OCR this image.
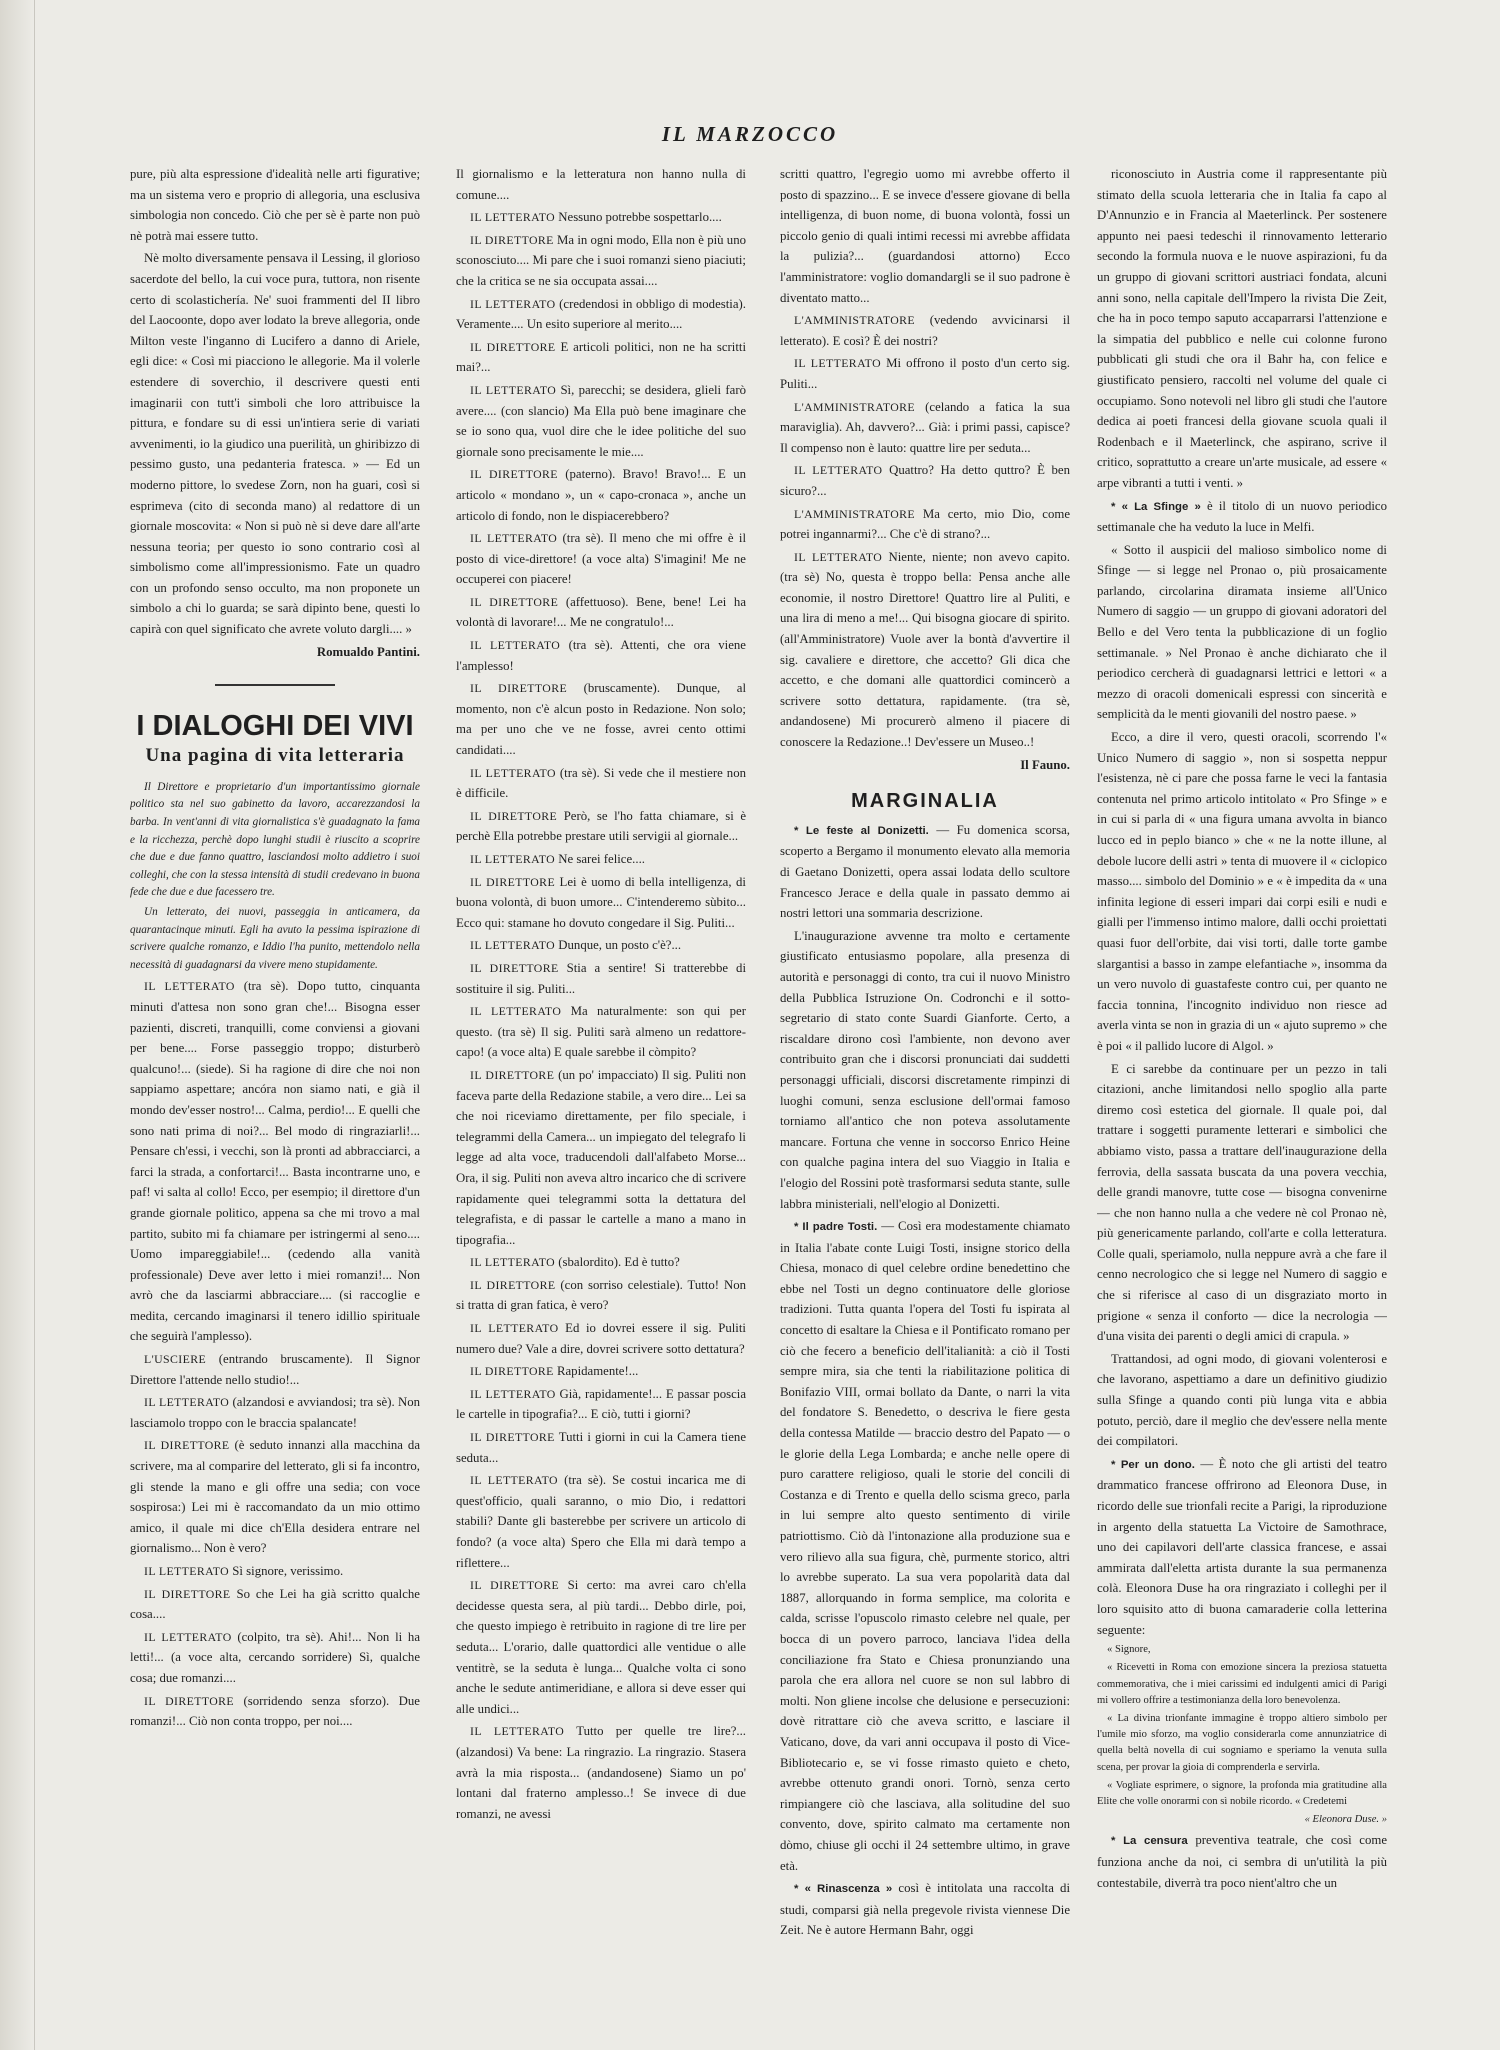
IL MARZOCCO

pure, più alta espressione d'idealità nelle arti figurative; ma un sistema vero e proprio di allegoria, una esclusiva simbologia non concedo. Ciò che per sè è parte non può nè potrà mai essere tutto.

Nè molto diversamente pensava il Lessing, il glorioso sacerdote del bello, la cui voce pura, tuttora, non risente certo di scolastichería. Ne' suoi frammenti del II libro del Laocoonte, dopo aver lodato la breve allegoria, onde Milton veste l'inganno di Lucifero a danno di Ariele, egli dice: « Così mi piacciono le allegorie. Ma il volerle estendere di soverchio, il descrivere questi enti imaginarii con tutt'i simboli che loro attribuisce la pittura, e fondare su di essi un'intiera serie di variati avvenimenti, io la giudico una puerilità, un ghiribizzo di pessimo gusto, una pedanteria fratesca. » — Ed un moderno pittore, lo svedese Zorn, non ha guari, così si esprimeva (cito di seconda mano) al redattore di un giornale moscovita: « Non si può nè si deve dare all'arte nessuna teoria; per questo io sono contrario così al simbolismo come all'impressionismo. Fate un quadro con un profondo senso occulto, ma non proponete un simbolo a chi lo guarda; se sarà dipinto bene, questi lo capirà con quel significato che avrete voluto dargli.... »

Romualdo Pantini.

I DIALOGHI DEI VIVI
Una pagina di vita letteraria

Il Direttore e proprietario d'un importantissimo giornale politico sta nel suo gabinetto da lavoro, accarezzandosi la barba. In vent'anni di vita giornalistica s'è guadagnato la fama e la ricchezza, perchè dopo lunghi studii è riuscito a scoprire che due e due fanno quattro, lasciandosi molto addietro i suoi colleghi, che con la stessa intensità di studii credevano in buona fede che due e due facessero tre.

Un letterato, dei nuovi, passeggia in anticamera, da quarantacinque minuti. Egli ha avuto la pessima ispirazione di scrivere qualche romanzo, e Iddio l'ha punito, mettendolo nella necessità di guadagnarsi da vivere meno stupidamente.

IL LETTERATO (tra sè). Dopo tutto, cinquanta minuti d'attesa non sono gran che!... Bisogna esser pazienti, discreti, tranquilli, come conviensi a giovani per bene.... Forse passeggio troppo; disturberò qualcuno!... (siede). Si ha ragione di dire che noi non sappiamo aspettare; ancóra non siamo nati, e già il mondo dev'esser nostro!... Calma, perdio!... E quelli che sono nati prima di noi?... Bel modo di ringraziarli!... Pensare ch'essi, i vecchi, son là pronti ad abbracciarci, a farci la strada, a confortarci!... Basta incontrarne uno, e paf! vi salta al collo! Ecco, per esempio; il direttore d'un grande giornale politico, appena sa che mi trovo a mal partito, subito mi fa chiamare per istringermi al seno.... Uomo impareggiabile!... (cedendo alla vanità professionale) Deve aver letto i miei romanzi!... Non avrò che da lasciarmi abbracciare.... (si raccoglie e medita, cercando imaginarsi il tenero idillio spirituale che seguirà l'amplesso).

L'USCIERE (entrando bruscamente). Il Signor Direttore l'attende nello studio!...

IL LETTERATO (alzandosi e avviandosi; tra sè). Non lasciamolo troppo con le braccia spalancate!

IL DIRETTORE (è seduto innanzi alla macchina da scrivere, ma al comparire del letterato, gli si fa incontro, gli stende la mano e gli offre una sedia; con voce sospirosa:) Lei mi è raccomandato da un mio ottimo amico, il quale mi dice ch'Ella desidera entrare nel giornalismo... Non è vero?

IL LETTERATO Sì signore, verissimo.

IL DIRETTORE So che Lei ha già scritto qualche cosa....

IL LETTERATO (colpito, tra sè). Ahi!... Non li ha letti!... (a voce alta, cercando sorridere) Sì, qualche cosa; due romanzi....

IL DIRETTORE (sorridendo senza sforzo). Due romanzi!... Ciò non conta troppo, per noi....

Il giornalismo e la letteratura non hanno nulla di comune....

IL LETTERATO Nessuno potrebbe sospettarlo....

IL DIRETTORE Ma in ogni modo, Ella non è più uno sconosciuto.... Mi pare che i suoi romanzi sieno piaciuti; che la critica se ne sia occupata assai....

IL LETTERATO (credendosi in obbligo di modestia). Veramente.... Un esito superiore al merito....

IL DIRETTORE E articoli politici, non ne ha scritti mai?...

IL LETTERATO Sì, parecchi; se desidera, glieli farò avere.... (con slancio) Ma Ella può bene imaginare che se io sono qua, vuol dire che le idee politiche del suo giornale sono precisamente le mie....

IL DIRETTORE (paterno). Bravo! Bravo!... E un articolo « mondano », un « capo-cronaca », anche un articolo di fondo, non le dispiacerebbero?

IL LETTERATO (tra sè). Il meno che mi offre è il posto di vice-direttore! (a voce alta) S'imagini! Me ne occuperei con piacere!

IL DIRETTORE (affettuoso). Bene, bene! Lei ha volontà di lavorare!... Me ne congratulo!...

IL LETTERATO (tra sè). Attenti, che ora viene l'amplesso!

IL DIRETTORE (bruscamente). Dunque, al momento, non c'è alcun posto in Redazione. Non solo; ma per uno che ve ne fosse, avrei cento ottimi candidati....

IL LETTERATO (tra sè). Si vede che il mestiere non è difficile.

IL DIRETTORE Però, se l'ho fatta chiamare, si è perchè Ella potrebbe prestare utili servigii al giornale...

IL LETTERATO Ne sarei felice....

IL DIRETTORE Lei è uomo di bella intelligenza, di buona volontà, di buon umore... C'intenderemo sùbito... Ecco qui: stamane ho dovuto congedare il Sig. Puliti...

IL LETTERATO Dunque, un posto c'è?...

IL DIRETTORE Stia a sentire! Si tratterebbe di sostituire il sig. Puliti...

IL LETTERATO Ma naturalmente: son qui per questo. (tra sè) Il sig. Puliti sarà almeno un redattore-capo! (a voce alta) E quale sarebbe il còmpito?

IL DIRETTORE (un po' impacciato) Il sig. Puliti non faceva parte della Redazione stabile, a vero dire... Lei sa che noi riceviamo direttamente, per filo speciale, i telegrammi della Camera... un impiegato del telegrafo li legge ad alta voce, traducendoli dall'alfabeto Morse... Ora, il sig. Puliti non aveva altro incarico che di scrivere rapidamente quei telegrammi sotta la dettatura del telegrafista, e di passar le cartelle a mano a mano in tipografia...

IL LETTERATO (sbalordito). Ed è tutto?

IL DIRETTORE (con sorriso celestiale). Tutto! Non si tratta di gran fatica, è vero?

IL LETTERATO Ed io dovrei essere il sig. Puliti numero due? Vale a dire, dovrei scrivere sotto dettatura?

IL DIRETTORE Rapidamente!...

IL LETTERATO Già, rapidamente!... E passar poscia le cartelle in tipografia?... E ciò, tutti i giorni?

IL DIRETTORE Tutti i giorni in cui la Camera tiene seduta...

IL LETTERATO (tra sè). Se costui incarica me di quest'officio, quali saranno, o mio Dio, i redattori stabili? Dante gli basterebbe per scrivere un articolo di fondo? (a voce alta) Spero che Ella mi darà tempo a riflettere...

IL DIRETTORE Si certo: ma avrei caro ch'ella decidesse questa sera, al più tardi... Debbo dirle, poi, che questo impiego è retribuito in ragione di tre lire per seduta... L'orario, dalle quattordici alle ventidue o alle ventitrè, se la seduta è lunga... Qualche volta ci sono anche le sedute antimeridiane, e allora si deve esser qui alle undici...

IL LETTERATO Tutto per quelle tre lire?... (alzandosi) Va bene: La ringrazio. La ringrazio. Stasera avrà la mia risposta... (andandosene) Siamo un po' lontani dal fraterno amplesso..! Se invece di due romanzi, ne avessi

scritti quattro, l'egregio uomo mi avrebbe offerto il posto di spazzino... E se invece d'essere giovane di bella intelligenza, di buon nome, di buona volontà, fossi un piccolo genio di quali intimi recessi mi avrebbe affidata la pulizia?... (guardandosi attorno) Ecco l'amministratore: voglio domandargli se il suo padrone è diventato matto...

L'AMMINISTRATORE (vedendo avvicinarsi il letterato). E così? È dei nostri?

IL LETTERATO Mi offrono il posto d'un certo sig. Puliti...

L'AMMINISTRATORE (celando a fatica la sua maraviglia). Ah, davvero?... Già: i primi passi, capisce? Il compenso non è lauto: quattre lire per seduta...

IL LETTERATO Quattro? Ha detto quttro? È ben sicuro?...

L'AMMINISTRATORE Ma certo, mio Dio, come potrei ingannarmi?... Che c'è di strano?...

IL LETTERATO Niente, niente; non avevo capito. (tra sè) No, questa è troppo bella: Pensa anche alle economie, il nostro Direttore! Quattro lire al Puliti, e una lira di meno a me!... Qui bisogna giocare di spirito. (all'Amministratore) Vuole aver la bontà d'avvertire il sig. cavaliere e direttore, che accetto? Gli dica che accetto, e che domani alle quattordici comincerò a scrivere sotto dettatura, rapidamente. (tra sè, andandosene) Mi procurerò almeno il piacere di conoscere la Redazione..! Dev'essere un Museo..!

Il Fauno.

MARGINALIA

* Le feste al Donizetti. — Fu domenica scorsa, scoperto a Bergamo il monumento elevato alla memoria di Gaetano Donizetti, opera assai lodata dello scultore Francesco Jerace e della quale in passato demmo ai nostri lettori una sommaria descrizione.

L'inaugurazione avvenne tra molto e certamente giustificato entusiasmo popolare, alla presenza di autorità e personaggi di conto, tra cui il nuovo Ministro della Pubblica Istruzione On. Codronchi e il sotto-segretario di stato conte Suardi Gianforte. Certo, a riscaldare dirono così l'ambiente, non devono aver contribuito gran che i discorsi pronunciati dai suddetti personaggi ufficiali, discorsi discretamente rimpinzi di luoghi comuni, senza esclusione dell'ormai famoso torniamo all'antico che non poteva assolutamente mancare. Fortuna che venne in soccorso Enrico Heine con qualche pagina intera del suo Viaggio in Italia e l'elogio del Rossini potè trasformarsi seduta stante, sulle labbra ministeriali, nell'elogio al Donizetti.

* Il padre Tosti. — Così era modestamente chiamato in Italia l'abate conte Luigi Tosti, insigne storico della Chiesa, monaco di quel celebre ordine benedettino che ebbe nel Tosti un degno continuatore delle gloriose tradizioni. Tutta quanta l'opera del Tosti fu ispirata al concetto di esaltare la Chiesa e il Pontificato romano per ciò che fecero a beneficio dell'italianità: a ciò il Tosti sempre mira, sia che tenti la riabilitazione politica di Bonifazio VIII, ormai bollato da Dante, o narri la vita del fondatore S. Benedetto, o descriva le fiere gesta della contessa Matilde — braccio destro del Papato — o le glorie della Lega Lombarda; e anche nelle opere di puro carattere religioso, quali le storie del concili di Costanza e di Trento e quella dello scisma greco, parla in lui sempre alto questo sentimento di virile patriottismo. Ciò dà l'intonazione alla produzione sua e vero rilievo alla sua figura, chè, purmente storico, altri lo avrebbe superato. La sua vera popolarità data dal 1887, allorquando in forma semplice, ma colorita e calda, scrisse l'opuscolo rimasto celebre nel quale, per bocca di un povero parroco, lanciava l'idea della conciliazione fra Stato e Chiesa pronunziando una parola che era allora nel cuore se non sul labbro di molti. Non gliene incolse che delusione e persecuzioni: dovè ritrattare ciò che aveva scritto, e lasciare il Vaticano, dove, da vari anni occupava il posto di Vice-Bibliotecario e, se vi fosse rimasto quieto e cheto, avrebbe ottenuto grandi onori. Tornò, senza certo rimpiangere ciò che lasciava, alla solitudine del suo convento, dove, spirito calmato ma certamente non dòmo, chiuse gli occhi il 24 settembre ultimo, in grave età.

* « Rinascenza » così è intitolata una raccolta di studi, comparsi già nella pregevole rivista viennese Die Zeit. Ne è autore Hermann Bahr, oggi

riconosciuto in Austria come il rappresentante più stimato della scuola letteraria che in Italia fa capo al D'Annunzio e in Francia al Maeterlinck. Per sostenere appunto nei paesi tedeschi il rinnovamento letterario secondo la formula nuova e le nuove aspirazioni, fu da un gruppo di giovani scrittori austriaci fondata, alcuni anni sono, nella capitale dell'Impero la rivista Die Zeit, che ha in poco tempo saputo accaparrarsi l'attenzione e la simpatia del pubblico e nelle cui colonne furono pubblicati gli studi che ora il Bahr ha, con felice e giustificato pensiero, raccolti nel volume del quale ci occupiamo. Sono notevoli nel libro gli studi che l'autore dedica ai poeti francesi della giovane scuola quali il Rodenbach e il Maeterlinck, che aspirano, scrive il critico, soprattutto a creare un'arte musicale, ad essere « arpe vibranti a tutti i venti. »

* « La Sfinge » è il titolo di un nuovo periodico settimanale che ha veduto la luce in Melfi.

« Sotto il auspicii del malioso simbolico nome di Sfinge — si legge nel Pronao o, più prosaicamente parlando, circolarina diramata insieme all'Unico Numero di saggio — un gruppo di giovani adoratori del Bello e del Vero tenta la pubblicazione di un foglio settimanale. » Nel Pronao è anche dichiarato che il periodico cercherà di guadagnarsi lettrici e lettori « a mezzo di oracoli domenicali espressi con sincerità e semplicità da le menti giovanili del nostro paese. »

Ecco, a dire il vero, questi oracoli, scorrendo l'« Unico Numero di saggio », non si sospetta neppur l'esistenza, nè ci pare che possa farne le veci la fantasia contenuta nel primo articolo intitolato « Pro Sfinge » e in cui si parla di « una figura umana avvolta in bianco lucco ed in peplo bianco » che « ne la notte illune, al debole lucore delli astri » tenta di muovere il « ciclopico masso.... simbolo del Dominio » e « è impedita da « una infinita legione di esseri impari dai corpi esili e nudi e gialli per l'immenso intimo malore, dalli occhi proiettati quasi fuor dell'orbite, dai visi torti, dalle torte gambe slargantisi a basso in zampe elefantiache », insomma da un vero nuvolo di guastafeste contro cui, per quanto ne faccia tonnina, l'incognito individuo non riesce ad averla vinta se non in grazia di un « ajuto supremo » che è poi « il pallido lucore di Algol. »

E ci sarebbe da continuare per un pezzo in tali citazioni, anche limitandosi nello spoglio alla parte diremo così estetica del giornale. Il quale poi, dal trattare i soggetti puramente letterari e simbolici che abbiamo visto, passa a trattare dell'inaugurazione della ferrovia, della sassata buscata da una povera vecchia, delle grandi manovre, tutte cose — bisogna convenirne — che non hanno nulla a che vedere nè col Pronao nè, più genericamente parlando, coll'arte e colla letteratura. Colle quali, speriamolo, nulla neppure avrà a che fare il cenno necrologico che si legge nel Numero di saggio e che si riferisce al caso di un disgraziato morto in prigione « senza il conforto — dice la necrologia — d'una visita dei parenti o degli amici di crapula. »

Trattandosi, ad ogni modo, di giovani volenterosi e che lavorano, aspettiamo a dare un definitivo giudizio sulla Sfinge a quando conti più lunga vita e abbia potuto, perciò, dare il meglio che dev'essere nella mente dei compilatori.

* Per un dono. — È noto che gli artisti del teatro drammatico francese offrirono ad Eleonora Duse, in ricordo delle sue trionfali recite a Parigi, la riproduzione in argento della statuetta La Victoire de Samothrace, uno dei capilavori dell'arte classica francese, e assai ammirata dall'eletta artista durante la sua permanenza colà. Eleonora Duse ha ora ringraziato i colleghi per il loro squisito atto di buona camaraderie colla letterina seguente:

« Signore,

« Ricevetti in Roma con emozione sincera la preziosa statuetta commemorativa, che i miei carissimi ed indulgenti amici di Parigi mi vollero offrire a testimonianza della loro benevolenza.

« La divina trionfante immagine è troppo altiero simbolo per l'umile mio sforzo, ma voglio considerarla come annunziatrice di quella beltà novella di cui sogniamo e speriamo la venuta sulla scena, per provar la gioia di comprenderla e servirla.

« Vogliate esprimere, o signore, la profonda mia gratitudine alla Elite che volle onorarmi con sì nobile ricordo. « Credetemi

« Eleonora Duse. »

* La censura preventiva teatrale, che così come funziona anche da noi, ci sembra di un'utilità la più contestabile, diverrà tra poco nient'altro che un
